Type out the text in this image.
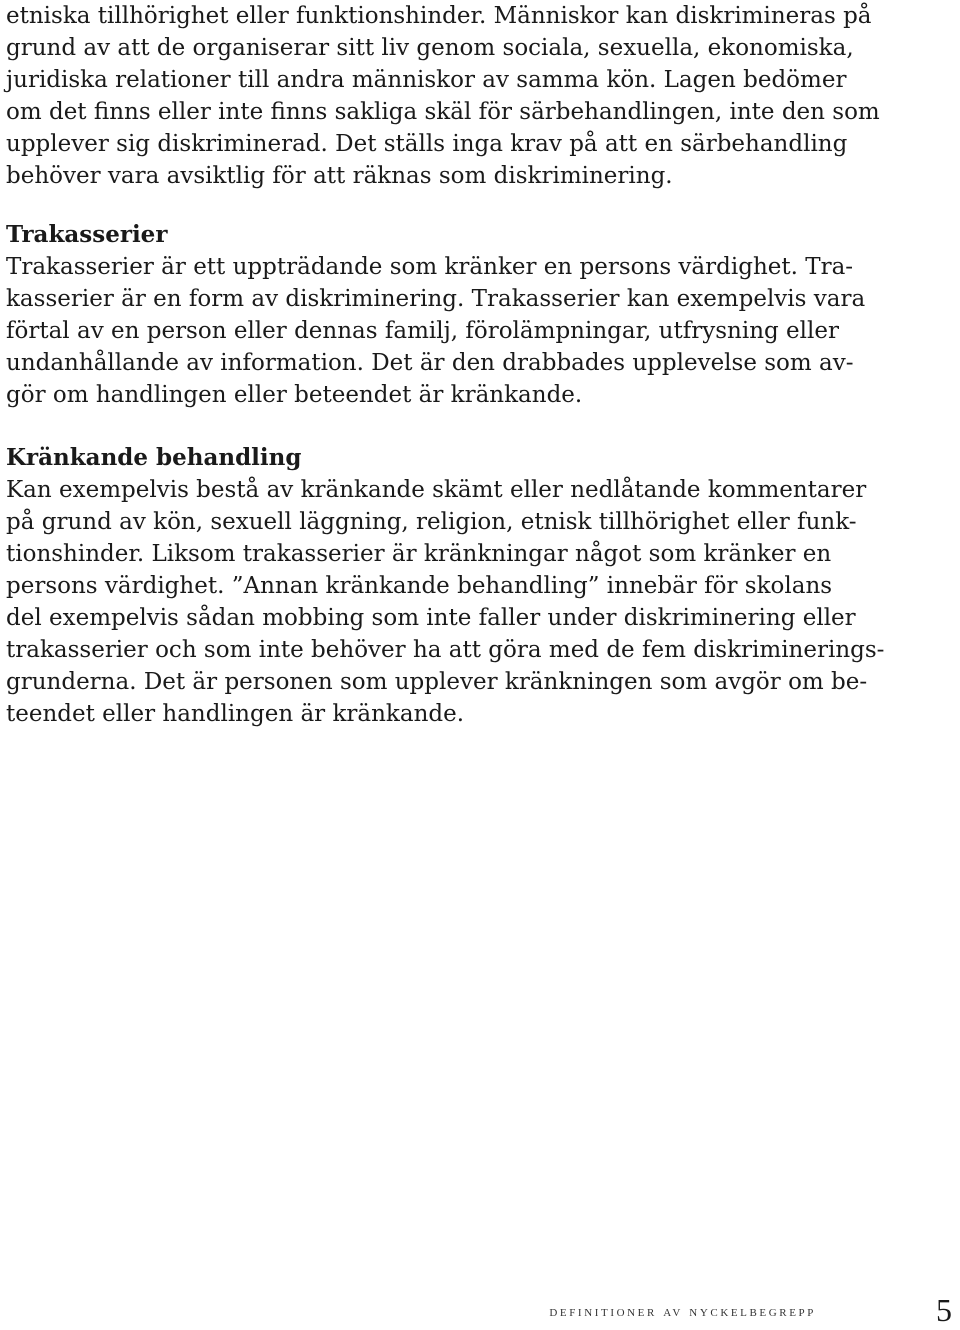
etniska tillhörighet eller funktionshinder. Människor kan diskrimineras på
grund av att de organiserar sitt liv genom sociala, sexuella, ekonomiska,
juridiska relationer till andra människor av samma kön. Lagen bedömer
om det finns eller inte finns sakliga skäl för särbehandlingen, inte den som
upplever sig diskriminerad. Det ställs inga krav på att en särbehandling
behöver vara avsiktlig för att räknas som diskriminering.
Trakasserier
Trakasserier är ett uppträdande som kränker en persons värdighet. Tra-
kasserier är en form av diskriminering. Trakasserier kan exempelvis vara
förtal av en person eller dennas familj, förolämpningar, utfrysning eller
undanhållande av information. Det är den drabbades upplevelse som av-
gör om handlingen eller beteendet är kränkande.
Kränkande behandling
Kan exempelvis bestå av kränkande skämt eller nedlåtande kommentarer
på grund av kön, sexuell läggning, religion, etnisk tillhörighet eller funk-
tionshinder. Liksom trakasserier är kränkningar något som kränker en
persons värdighet. ”Annan kränkande behandling” innebär för skolans
del exempelvis sådan mobbing som inte faller under diskriminering eller
trakasserier och som inte behöver ha att göra med de fem diskriminerings-
grunderna. Det är personen som upplever kränkningen som avgör om be-
teendet eller handlingen är kränkande.
definitioner av nyckelbegrepp	5
